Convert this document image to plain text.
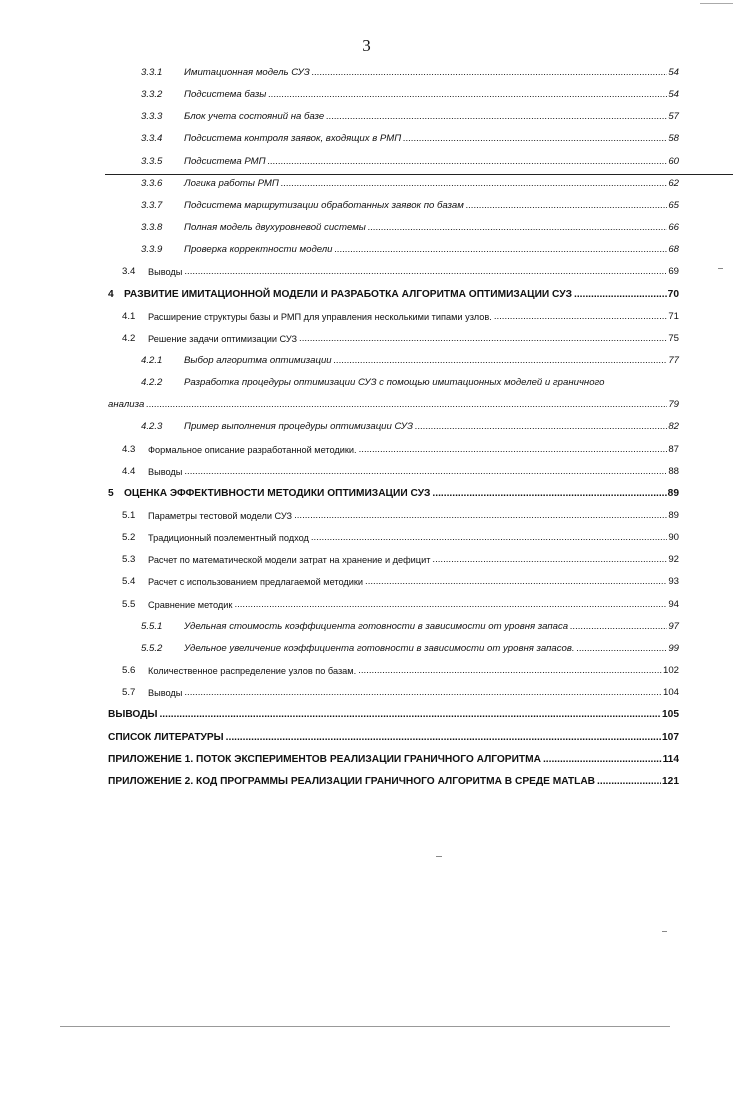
3
3.3.1 Имитационная модель СУЗ .....	54
3.3.2 Подсистема базы .....	54
3.3.3 Блок учета состояний на базе .....	57
3.3.4 Подсистема контроля заявок, входящих в РМП .....	58
3.3.5 Подсистема РМП .....	60
3.3.6 Логика работы РМП .....	62
3.3.7 Подсистема маршрутизации обработанных заявок по базам .....	65
3.3.8 Полная модель двухуровневой системы .....	66
3.3.9 Проверка корректности модели .....	68
3.4 Выводы .....	69
4 РАЗВИТИЕ ИМИТАЦИОННОЙ МОДЕЛИ И РАЗРАБОТКА АЛГОРИТМА ОПТИМИЗАЦИИ СУЗ .....	70
4.1 Расширение структуры базы и РМП для управления несколькими типами узлов. .....	71
4.2 Решение задачи оптимизации СУЗ .....	75
4.2.1 Выбор алгоритма оптимизации .....	77
4.2.2 Разработка процедуры оптимизации СУЗ с помощью имитационных моделей и граничного
анализа .....	79
4.2.3 Пример выполнения процедуры оптимизации СУЗ .....	82
4.3 Формальное описание разработанной методики. .....	87
4.4 Выводы .....	88
5 ОЦЕНКА ЭФФЕКТИВНОСТИ МЕТОДИКИ ОПТИМИЗАЦИИ СУЗ .....	89
5.1 Параметры тестовой модели СУЗ .....	89
5.2 Традиционный поэлементный подход .....	90
5.3 Расчет по математической модели затрат на хранение и дефицит .....	92
5.4 Расчет с использованием предлагаемой методики .....	93
5.5 Сравнение методик .....	94
5.5.1 Удельная стоимость коэффициента готовности в зависимости от уровня запаса .....	97
5.5.2 Удельное увеличение коэффициента готовности в зависимости от уровня запасов. .....	99
5.6 Количественное распределение узлов по базам. .....	102
5.7 Выводы .....	104
ВЫВОДЫ .....	105
СПИСОК ЛИТЕРАТУРЫ .....	107
ПРИЛОЖЕНИЕ 1. ПОТОК ЭКСПЕРИМЕНТОВ РЕАЛИЗАЦИИ ГРАНИЧНОГО АЛГОРИТМА .....	114
ПРИЛОЖЕНИЕ 2. КОД ПРОГРАММЫ РЕАЛИЗАЦИИ ГРАНИЧНОГО АЛГОРИТМА В СРЕДЕ MATLAB .....	121
